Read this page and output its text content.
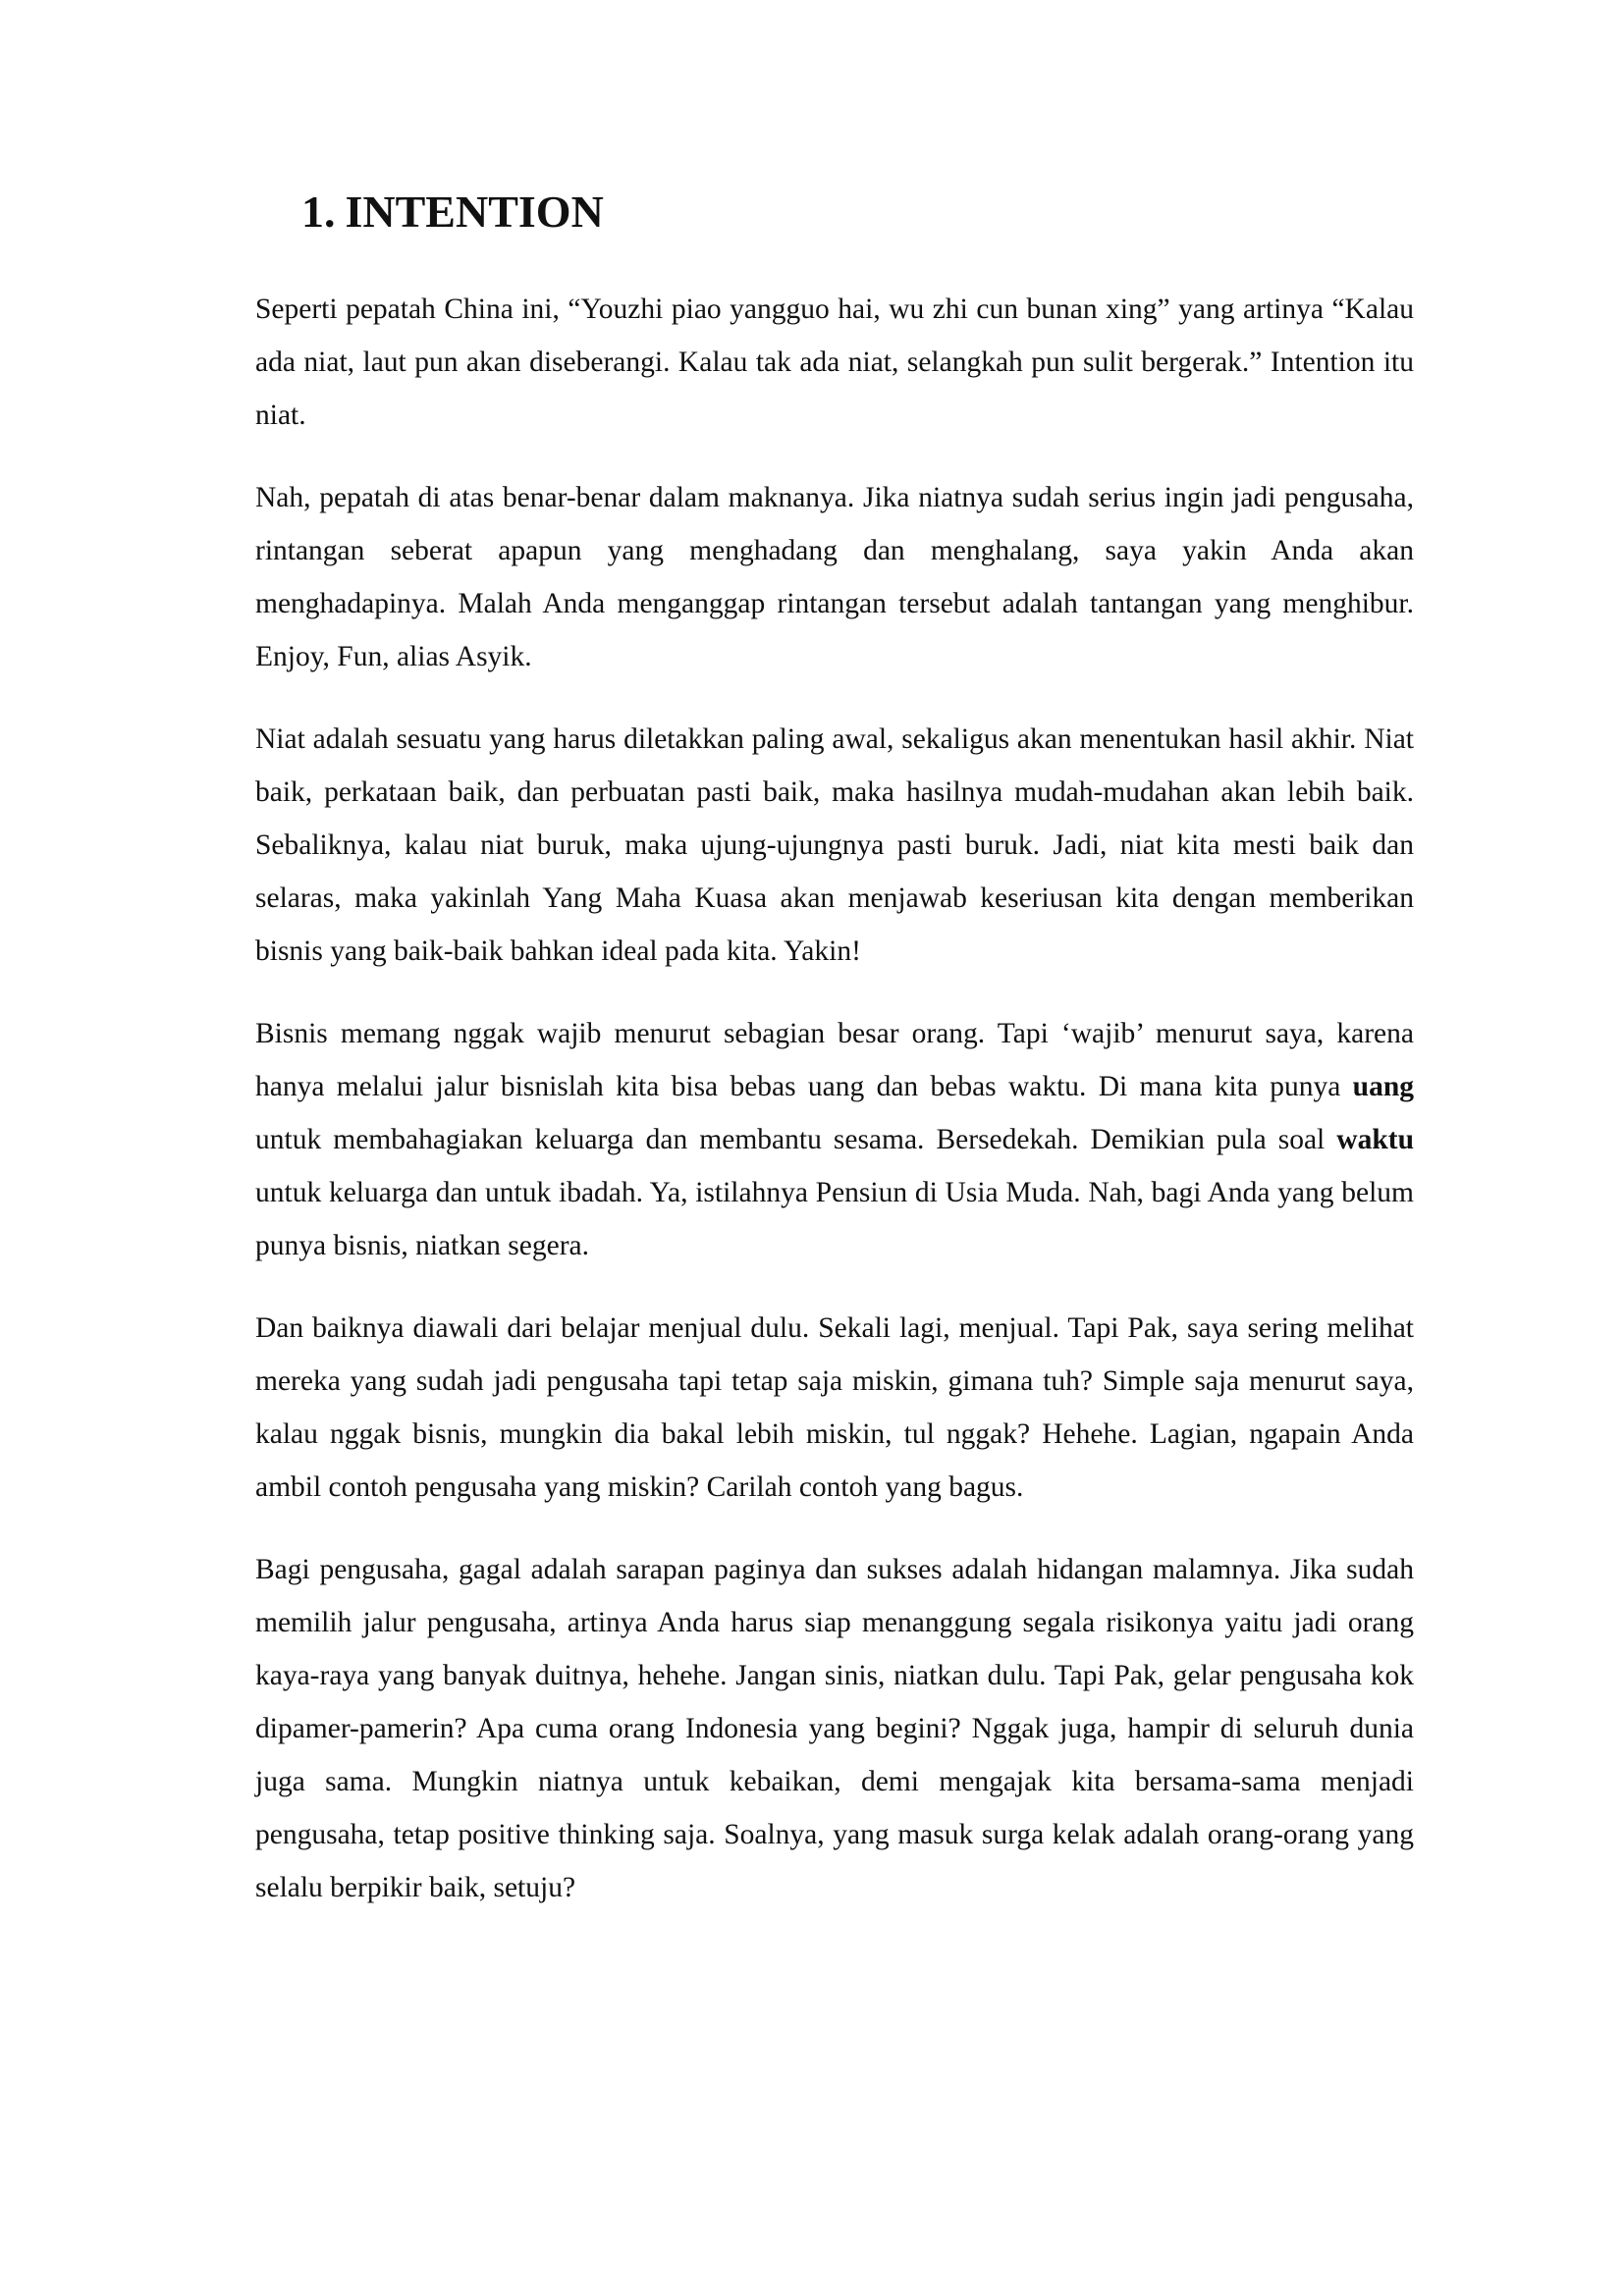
1. INTENTION

Seperti pepatah China ini, “Youzhi piao yangguo hai, wu zhi cun bunan xing” yang artinya “Kalau ada niat, laut pun akan diseberangi. Kalau tak ada niat, selangkah pun sulit bergerak.” Intention itu niat.

Nah, pepatah di atas benar-benar dalam maknanya. Jika niatnya sudah serius ingin jadi pengusaha, rintangan seberat apapun yang menghadang dan menghalang, saya yakin Anda akan menghadapinya. Malah Anda menganggap rintangan tersebut adalah tantangan yang menghibur. Enjoy, Fun, alias Asyik.

Niat adalah sesuatu yang harus diletakkan paling awal, sekaligus akan menentukan hasil akhir. Niat baik, perkataan baik, dan perbuatan pasti baik, maka hasilnya mudah-mudahan akan lebih baik. Sebaliknya, kalau niat buruk, maka ujung-ujungnya pasti buruk. Jadi, niat kita mesti baik dan selaras, maka yakinlah Yang Maha Kuasa akan menjawab keseriusan kita dengan memberikan bisnis yang baik-baik bahkan ideal pada kita. Yakin!

Bisnis memang nggak wajib menurut sebagian besar orang. Tapi ‘wajib’ menurut saya, karena hanya melalui jalur bisnislah kita bisa bebas uang dan bebas waktu. Di mana kita punya uang untuk membahagiakan keluarga dan membantu sesama. Bersedekah. Demikian pula soal waktu untuk keluarga dan untuk ibadah. Ya, istilahnya Pensiun di Usia Muda. Nah, bagi Anda yang belum punya bisnis, niatkan segera.

Dan baiknya diawali dari belajar menjual dulu. Sekali lagi, menjual. Tapi Pak, saya sering melihat mereka yang sudah jadi pengusaha tapi tetap saja miskin, gimana tuh? Simple saja menurut saya, kalau nggak bisnis, mungkin dia bakal lebih miskin, tul nggak? Hehehe. Lagian, ngapain Anda ambil contoh pengusaha yang miskin? Carilah contoh yang bagus.

Bagi pengusaha, gagal adalah sarapan paginya dan sukses adalah hidangan malamnya. Jika sudah memilih jalur pengusaha, artinya Anda harus siap menanggung segala risikonya yaitu jadi orang kaya-raya yang banyak duitnya, hehehe. Jangan sinis, niatkan dulu. Tapi Pak, gelar pengusaha kok dipamer-pamerin? Apa cuma orang Indonesia yang begini? Nggak juga, hampir di seluruh dunia juga sama. Mungkin niatnya untuk kebaikan, demi mengajak kita bersama-sama menjadi pengusaha, tetap positive thinking saja. Soalnya, yang masuk surga kelak adalah orang-orang yang selalu berpikir baik, setuju?
